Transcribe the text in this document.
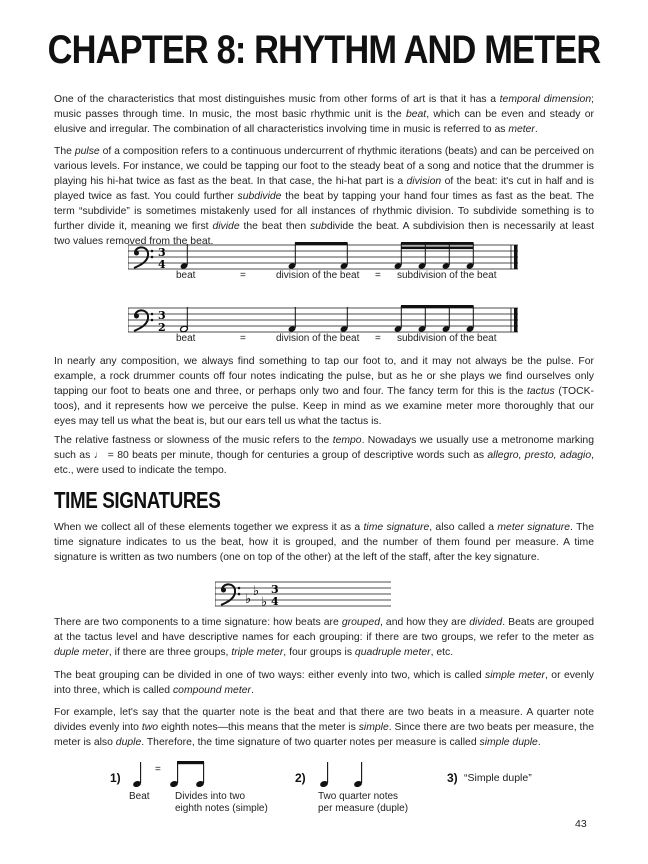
CHAPTER 8: RHYTHM AND METER

One of the characteristics that most distinguishes music from other forms of art is that it has a temporal dimension; music passes through time. In music, the most basic rhythmic unit is the beat, which can be even and steady or elusive and irregular. The combination of all characteristics involving time in music is referred to as meter.

The pulse of a composition refers to a continuous undercurrent of rhythmic iterations (beats) and can be perceived on various levels. For instance, we could be tapping our foot to the steady beat of a song and notice that the drummer is playing his hi-hat twice as fast as the beat. In that case, the hi-hat part is a division of the beat: it's cut in half and is played twice as fast. You could further subdivide the beat by tapping your hand four times as fast as the beat. The term “subdivide” is sometimes mistakenly used for all instances of rhythmic division. To subdivide something is to further divide it, meaning we first divide the beat then subdivide the beat. A subdivision then is necessarily at least two values removed from the beat.

3
4
beat	=	division of the beat = subdivision of the beat
3
2
beat	=	division of the beat = subdivision of the beat

In nearly any composition, we always find something to tap our foot to, and it may not always be the pulse. For example, a rock drummer counts off four notes indicating the pulse, but as he or she plays we find ourselves only tapping our foot to beats one and three, or perhaps only two and four. The fancy term for this is the tactus (TOCK-toos), and it represents how we perceive the pulse. Keep in mind as we examine meter more thoroughly that our eyes may tell us what the beat is, but our ears tell us what the tactus is.

The relative fastness or slowness of the music refers to the tempo. Nowadays we usually use a metronome marking such as ♩ = 80 beats per minute, though for centuries a group of descriptive words such as allegro, presto, adagio, etc., were used to indicate the tempo.

TIME SIGNATURES

When we collect all of these elements together we express it as a time signature, also called a meter signature. The time signature indicates to us the beat, how it is grouped, and the number of them found per measure. A time signature is written as two numbers (one on top of the other) at the left of the staff, after the key signature.

♭
♭
♭
3
4

There are two components to a time signature: how beats are grouped, and how they are divided. Beats are grouped at the tactus level and have descriptive names for each grouping: if there are two groups, we refer to the meter as duple meter, if there are three groups, triple meter, four groups is quadruple meter, etc.

The beat grouping can be divided in one of two ways: either evenly into two, which is called simple meter, or evenly into three, which is called compound meter.

For example, let's say that the quarter note is the beat and that there are two beats in a measure. A quarter note divides evenly into two eighth notes—this means that the meter is simple. Since there are two beats per measure, the meter is also duple. Therefore, the time signature of two quarter notes per measure is called simple duple.

1)
=
Beat	Divides into two
eighth notes (simple)
2)
Two quarter notes
per measure (duple)
3) “Simple duple”
43
